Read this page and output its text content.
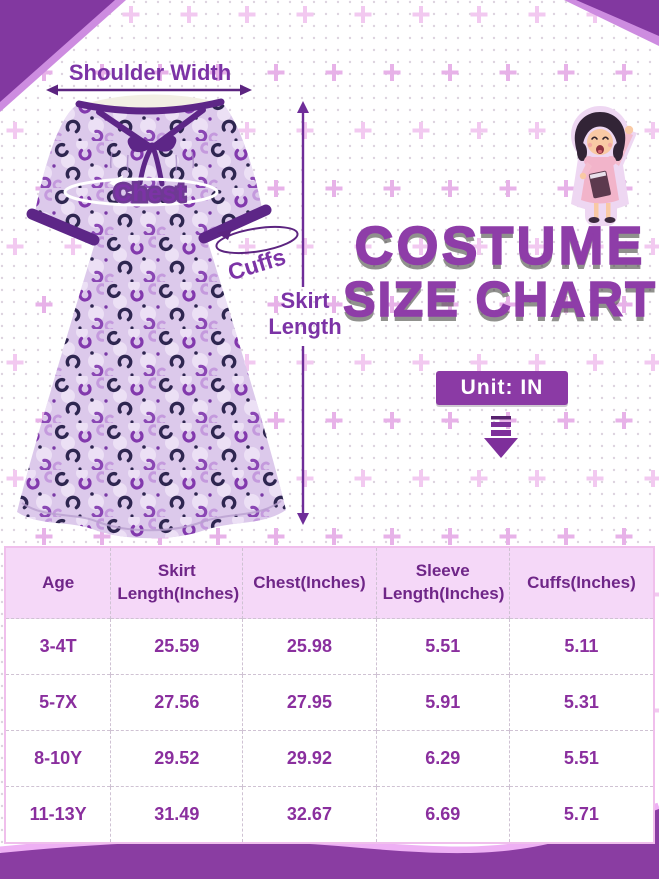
Shoulder Width
Chest
Cuffs
Skirt
Length
COSTUME
SIZE CHART
Unit: IN
Age	Skirt Length(Inches)	Chest(Inches)	Sleeve Length(Inches)	Cuffs(Inches)
3-4T	25.59	25.98	5.51	5.11
5-7X	27.56	27.95	5.91	5.31
8-10Y	29.52	29.92	6.29	5.51
11-13Y	31.49	32.67	6.69	5.71
